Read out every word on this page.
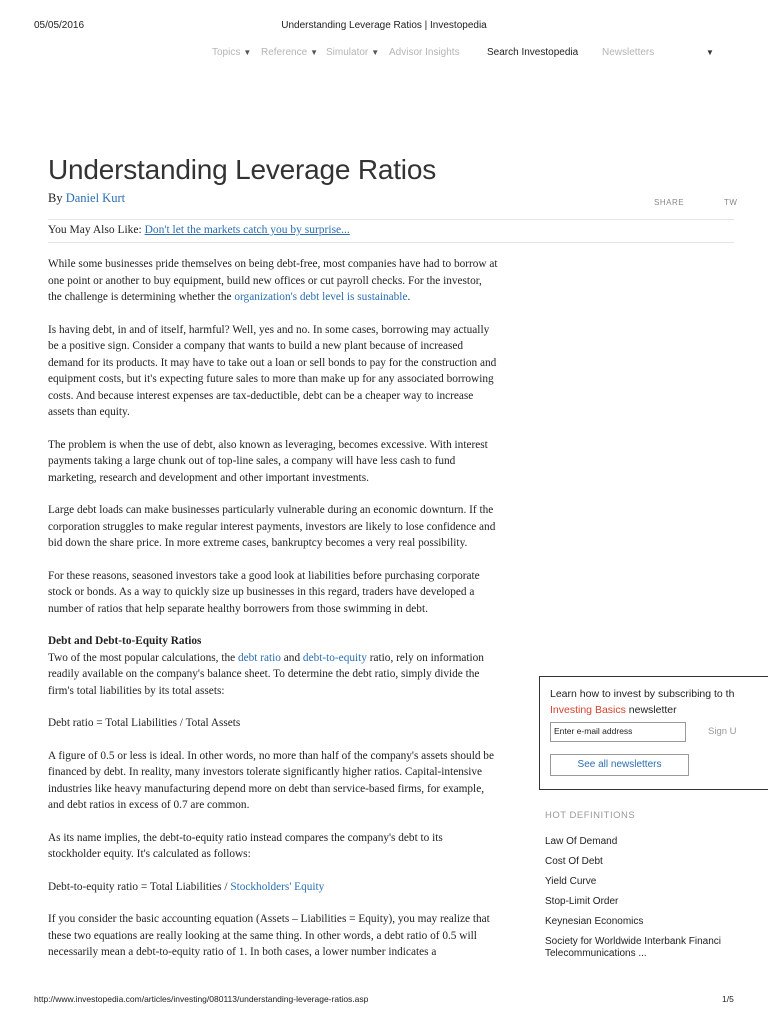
05/05/2016	Understanding Leverage Ratios | Investopedia
Topics ▼ Reference ▼ Simulator ▼ Advisor Insights	Search Investopedia Newsletters	▼
Understanding Leverage Ratios
By Daniel Kurt	SHARE	TW
You May Also Like: Don't let the markets catch you by surprise...

While some businesses pride themselves on being debt-free, most companies have had to borrow at one point or another to buy equipment, build new offices or cut payroll checks. For the investor, the challenge is determining whether the organization's debt level is sustainable.

Is having debt, in and of itself, harmful? Well, yes and no. In some cases, borrowing may actually be a positive sign. Consider a company that wants to build a new plant because of increased demand for its products. It may have to take out a loan or sell bonds to pay for the construction and equipment costs, but it's expecting future sales to more than make up for any associated borrowing costs. And because interest expenses are tax-deductible, debt can be a cheaper way to increase assets than equity.

The problem is when the use of debt, also known as leveraging, becomes excessive. With interest payments taking a large chunk out of top-line sales, a company will have less cash to fund marketing, research and development and other important investments.

Large debt loads can make businesses particularly vulnerable during an economic downturn. If the corporation struggles to make regular interest payments, investors are likely to lose confidence and bid down the share price. In more extreme cases, bankruptcy becomes a very real possibility.

For these reasons, seasoned investors take a good look at liabilities before purchasing corporate stock or bonds. As a way to quickly size up businesses in this regard, traders have developed a number of ratios that help separate healthy borrowers from those swimming in debt.

Debt and Debt-to-Equity Ratios

Two of the most popular calculations, the debt ratio and debt-to-equity ratio, rely on information readily available on the company's balance sheet. To determine the debt ratio, simply divide the firm's total liabilities by its total assets:

Debt ratio = Total Liabilities / Total Assets

A figure of 0.5 or less is ideal. In other words, no more than half of the company's assets should be financed by debt. In reality, many investors tolerate significantly higher ratios. Capital-intensive industries like heavy manufacturing depend more on debt than service-based firms, for example, and debt ratios in excess of 0.7 are common.

As its name implies, the debt-to-equity ratio instead compares the company's debt to its stockholder equity. It's calculated as follows:

Debt-to-equity ratio = Total Liabilities / Stockholders' Equity

If you consider the basic accounting equation (Assets – Liabilities = Equity), you may realize that these two equations are really looking at the same thing. In other words, a debt ratio of 0.5 will necessarily mean a debt-to-equity ratio of 1. In both cases, a lower number indicates a

Learn how to invest by subscribing to th
Investing Basics newsletter
Enter e-mail address	Sign U
See all newsletters
HOT DEFINITIONS
Law Of Demand
Cost Of Debt
Yield Curve
Stop-Limit Order
Keynesian Economics
Society for Worldwide Interbank Financi Telecommunications ...
http://www.investopedia.com/articles/investing/080113/understanding-leverage-ratios.asp	1/5
